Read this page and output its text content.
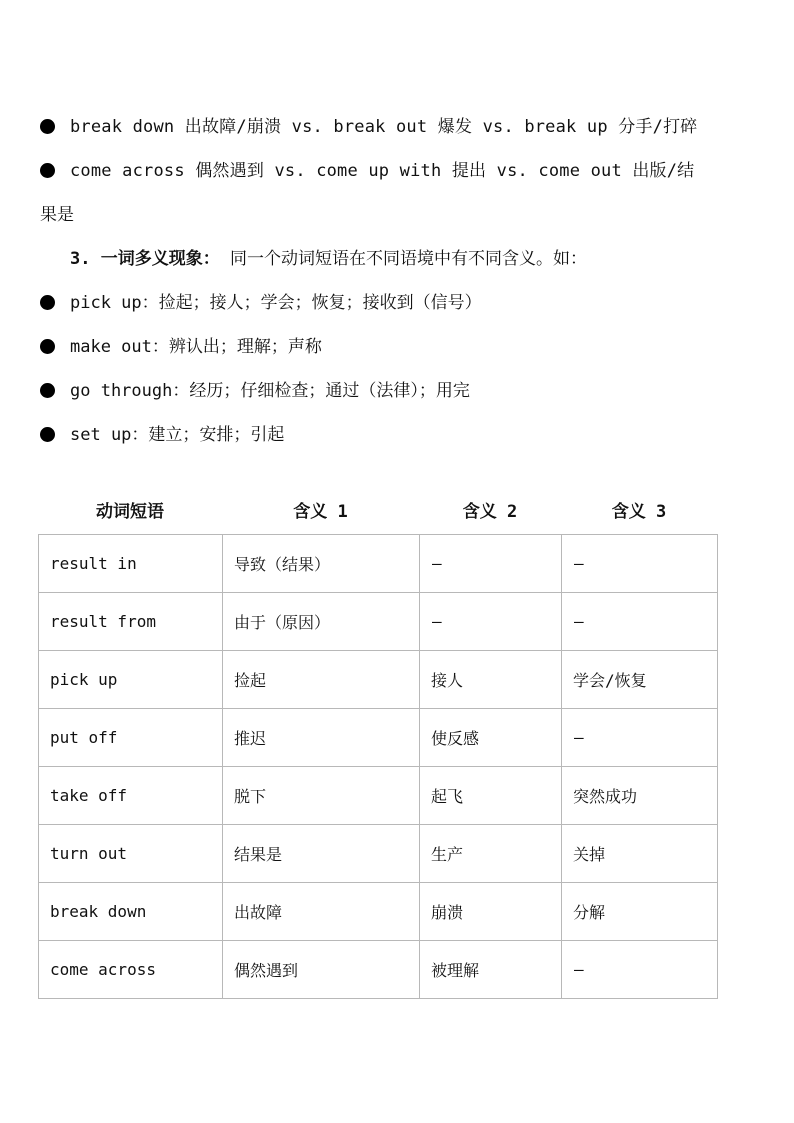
break down 出故障/崩溃 vs. break out 爆发 vs. break up 分手/打碎
come across 偶然遇到 vs. come up with 提出 vs. come out 出版/结
果是
3. 一词多义现象： 同一个动词短语在不同语境中有不同含义。如：
pick up：捡起；接人；学会；恢复；接收到（信号）
make out：辨认出；理解；声称
go through：经历；仔细检查；通过（法律）；用完
set up：建立；安排；引起
动词短语	含义 1	含义 2	含义 3
result in	导致（结果）	—	—
result from	由于（原因）	—	—
pick up	捡起	接人	学会/恢复
put off	推迟	使反感	—
take off	脱下	起飞	突然成功
turn out	结果是	生产	关掉
break down	出故障	崩溃	分解
come across	偶然遇到	被理解	—
